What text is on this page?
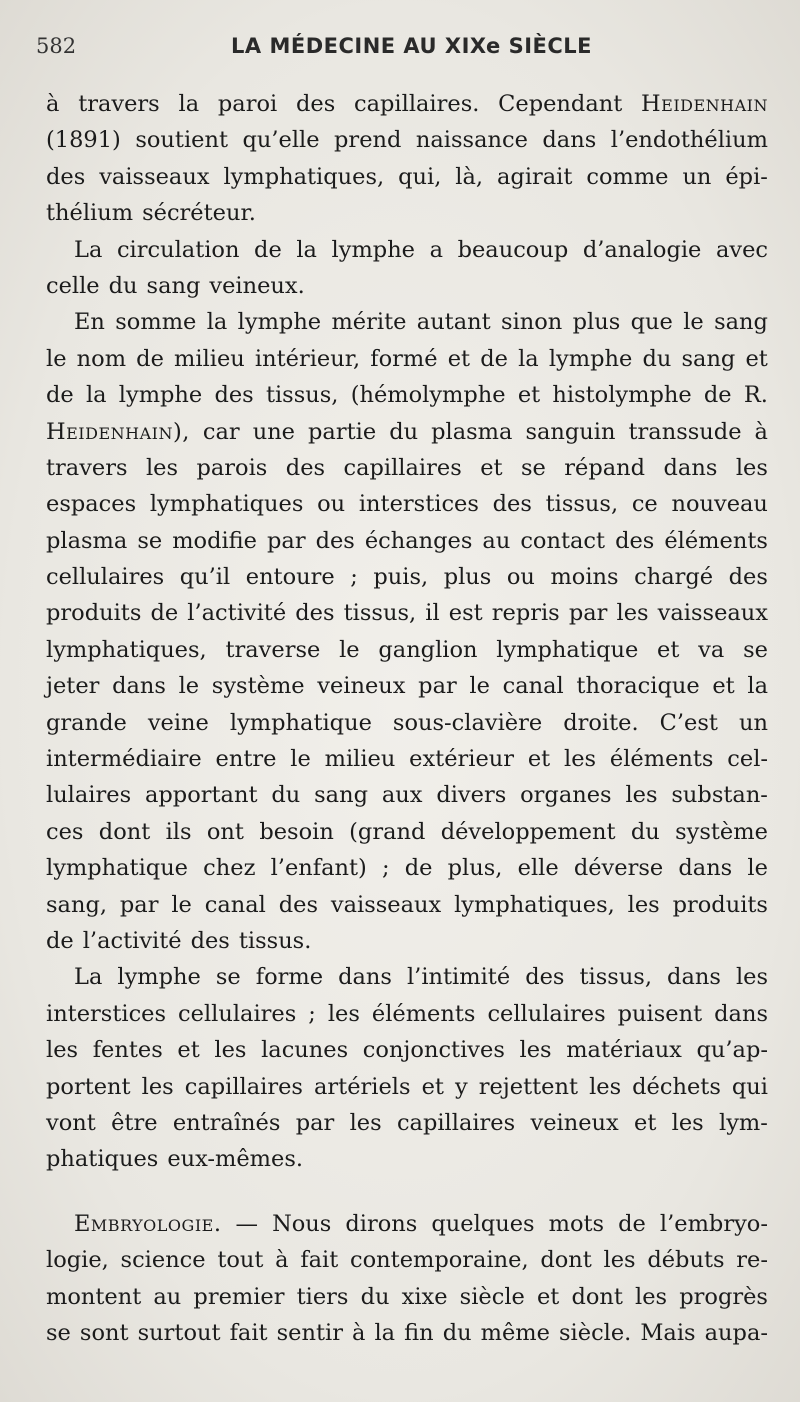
582	LA MÉDECINE AU XIXe SIÈCLE
à travers la paroi des capillaires. Cependant Heidenhain
(1891) soutient qu’elle prend naissance dans l’endothélium
des vaisseaux lymphatiques, qui, là, agirait comme un épi-
thélium sécréteur.
La circulation de la lymphe a beaucoup d’analogie avec
celle du sang veineux.
En somme la lymphe mérite autant sinon plus que le sang
le nom de milieu intérieur, formé et de la lymphe du sang et
de la lymphe des tissus, (hémolymphe et histolymphe de R.
Heidenhain), car une partie du plasma sanguin transsude à
travers les parois des capillaires et se répand dans les
espaces lymphatiques ou interstices des tissus, ce nouveau
plasma se modifie par des échanges au contact des éléments
cellulaires qu’il entoure ; puis, plus ou moins chargé des
produits de l’activité des tissus, il est repris par les vaisseaux
lymphatiques, traverse le ganglion lymphatique et va se
jeter dans le système veineux par le canal thoracique et la
grande veine lymphatique sous-clavière droite. C’est un
intermédiaire entre le milieu extérieur et les éléments cel-
lulaires apportant du sang aux divers organes les substan-
ces dont ils ont besoin (grand développement du système
lymphatique chez l’enfant) ; de plus, elle déverse dans le
sang, par le canal des vaisseaux lymphatiques, les produits
de l’activité des tissus.
La lymphe se forme dans l’intimité des tissus, dans les
interstices cellulaires ; les éléments cellulaires puisent dans
les fentes et les lacunes conjonctives les matériaux qu’ap-
portent les capillaires artériels et y rejettent les déchets qui
vont être entraînés par les capillaires veineux et les lym-
phatiques eux-mêmes.
Embryologie. — Nous dirons quelques mots de l’embryo-
logie, science tout à fait contemporaine, dont les débuts re-
montent au premier tiers du xixe siècle et dont les progrès
se sont surtout fait sentir à la fin du même siècle. Mais aupa-
